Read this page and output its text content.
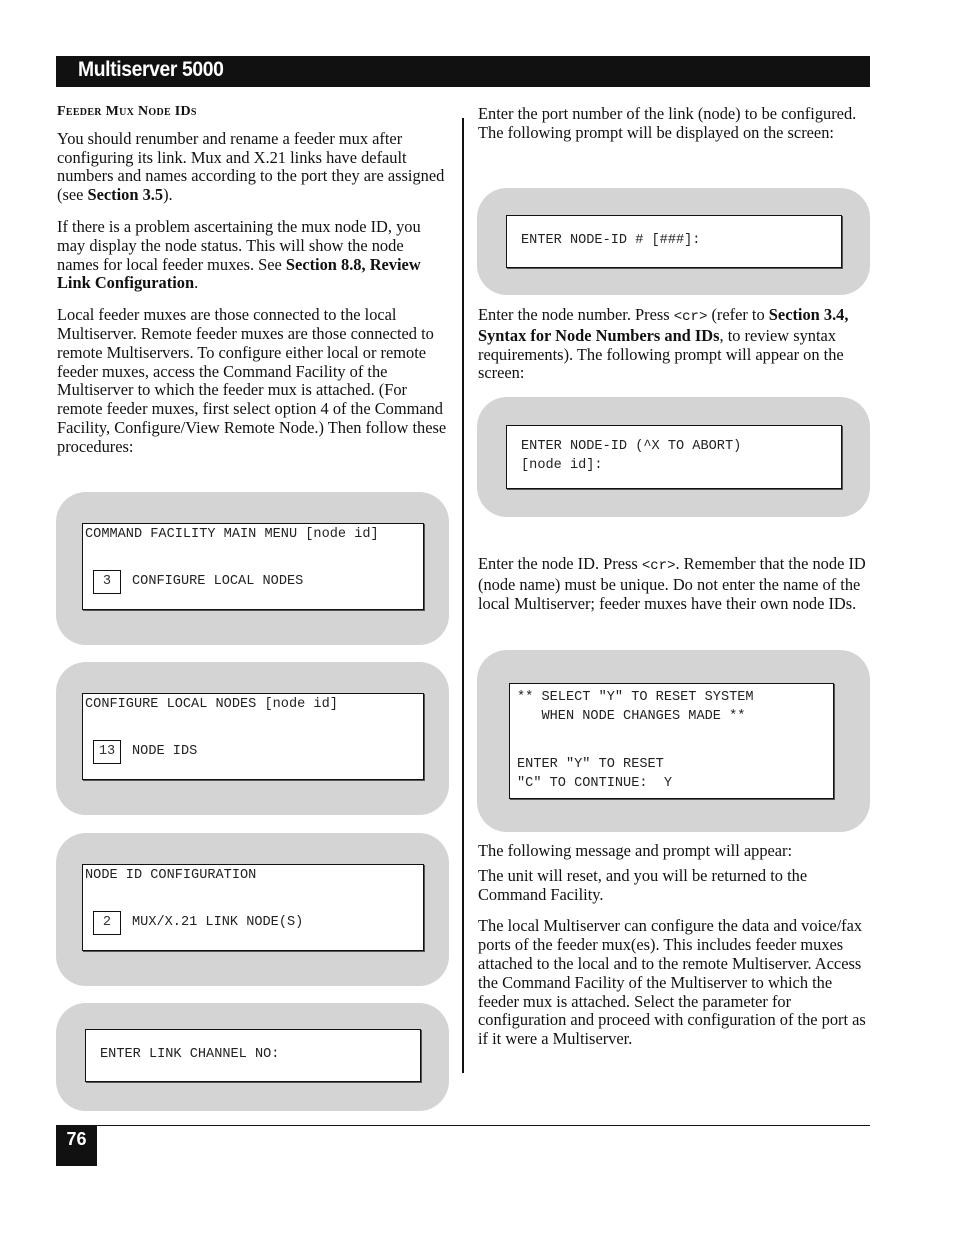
Multiserver 5000
Feeder Mux Node IDs

You should renumber and rename a feeder mux after configuring its link. Mux and X.21 links have default numbers and names according to the port they are assigned (see Section 3.5).

If there is a problem ascertaining the mux node ID, you may display the node status. This will show the node names for local feeder muxes. See Section 8.8, Review Link Configuration.

Local feeder muxes are those connected to the local Multiserver. Remote feeder muxes are those connected to remote Multiservers. To configure either local or remote feeder muxes, access the Command Facility of the Multiserver to which the feeder mux is attached. (For remote feeder muxes, first select option 4 of the Command Facility, Configure/View Remote Node.) Then follow these procedures:

COMMAND FACILITY MAIN MENU [node id]

3

	CONFIGURE LOCAL NODES

CONFIGURE LOCAL NODES [node id]

13

	NODE IDS

NODE ID CONFIGURATION

2

	MUX/X.21 LINK NODE(S)

ENTER LINK CHANNEL NO:

Enter the port number of the link (node) to be configured. The following prompt will be displayed on the screen:

ENTER NODE-ID # [###]:

Enter the node number. Press <cr> (refer to Section 3.4, Syntax for Node Numbers and IDs, to review syntax requirements). The following prompt will appear on the screen:

ENTER NODE-ID (^X TO ABORT)

[node id]:

Enter the node ID. Press <cr>. Remember that the node ID (node name) must be unique. Do not enter the name of the local Multiserver; feeder muxes have their own node IDs.

** SELECT "Y" TO RESET SYSTEM

WHEN NODE CHANGES MADE **

ENTER "Y" TO RESET

"C" TO CONTINUE:  Y

The following message and prompt will appear:

The unit will reset, and you will be returned to the Command Facility.

The local Multiserver can configure the data and voice/fax ports of the feeder mux(es). This includes feeder muxes attached to the local and to the remote Multiserver. Access the Command Facility of the Multiserver to which the feeder mux is attached. Select the parameter for configuration and proceed with configuration of the port as if it were a Multiserver.

76
